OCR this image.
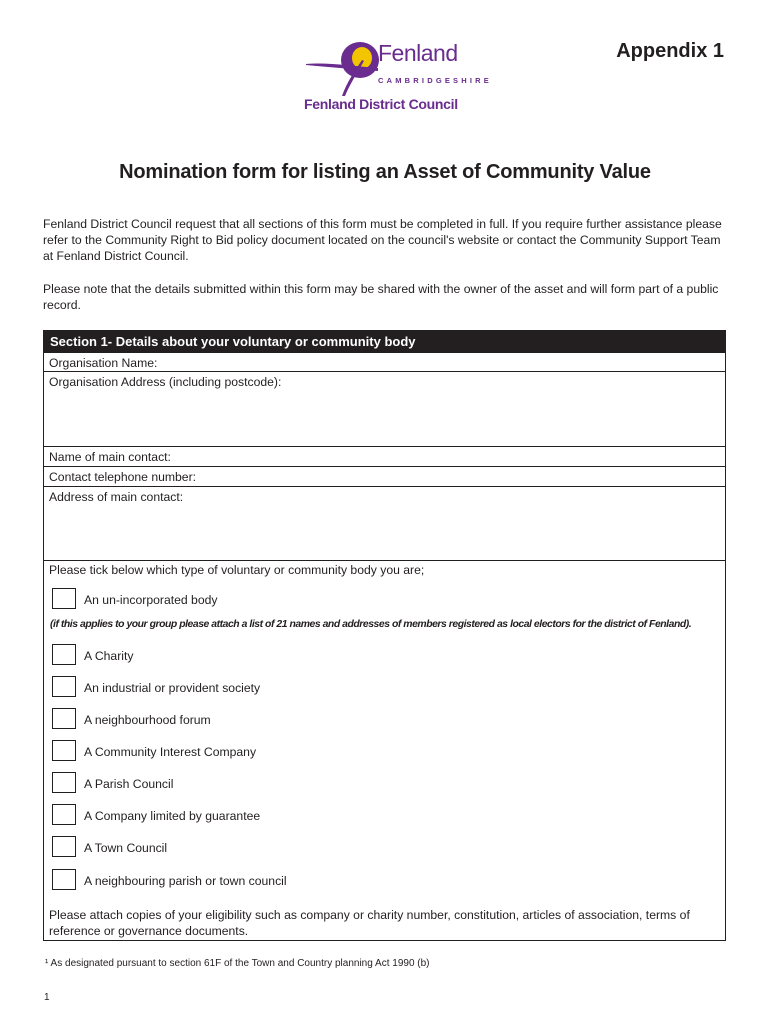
Fenland
CAMBRIDGESHIRE
Fenland District Council
Appendix 1
Nomination form for listing an Asset of Community Value
Fenland District Council request that all sections of this form must be completed in full. If you require further assistance please refer to the Community Right to Bid policy document located on the council's website or contact the Community Support Team at Fenland District Council.
Please note that the details submitted within this form may be shared with the owner of the asset and will form part of a public record.
Section 1- Details about your voluntary or community body
Organisation Name:
Organisation Address (including postcode):
Name of main contact:
Contact telephone number:
Address of main contact:
Please tick below which type of voluntary or community body you are;
An un-incorporated body
(if this applies to your group please attach a list of 21 names and addresses of members registered as local electors for the district of Fenland).
A Charity
An industrial or provident society
A neighbourhood forum
A Community Interest Company
A Parish Council
A Company limited by guarantee
A Town Council
A neighbouring parish or town council
Please attach copies of your eligibility such as company or charity number, constitution, articles of association, terms of reference or governance documents.
¹ As designated pursuant to section 61F of the Town and Country planning Act 1990 (b)
1
